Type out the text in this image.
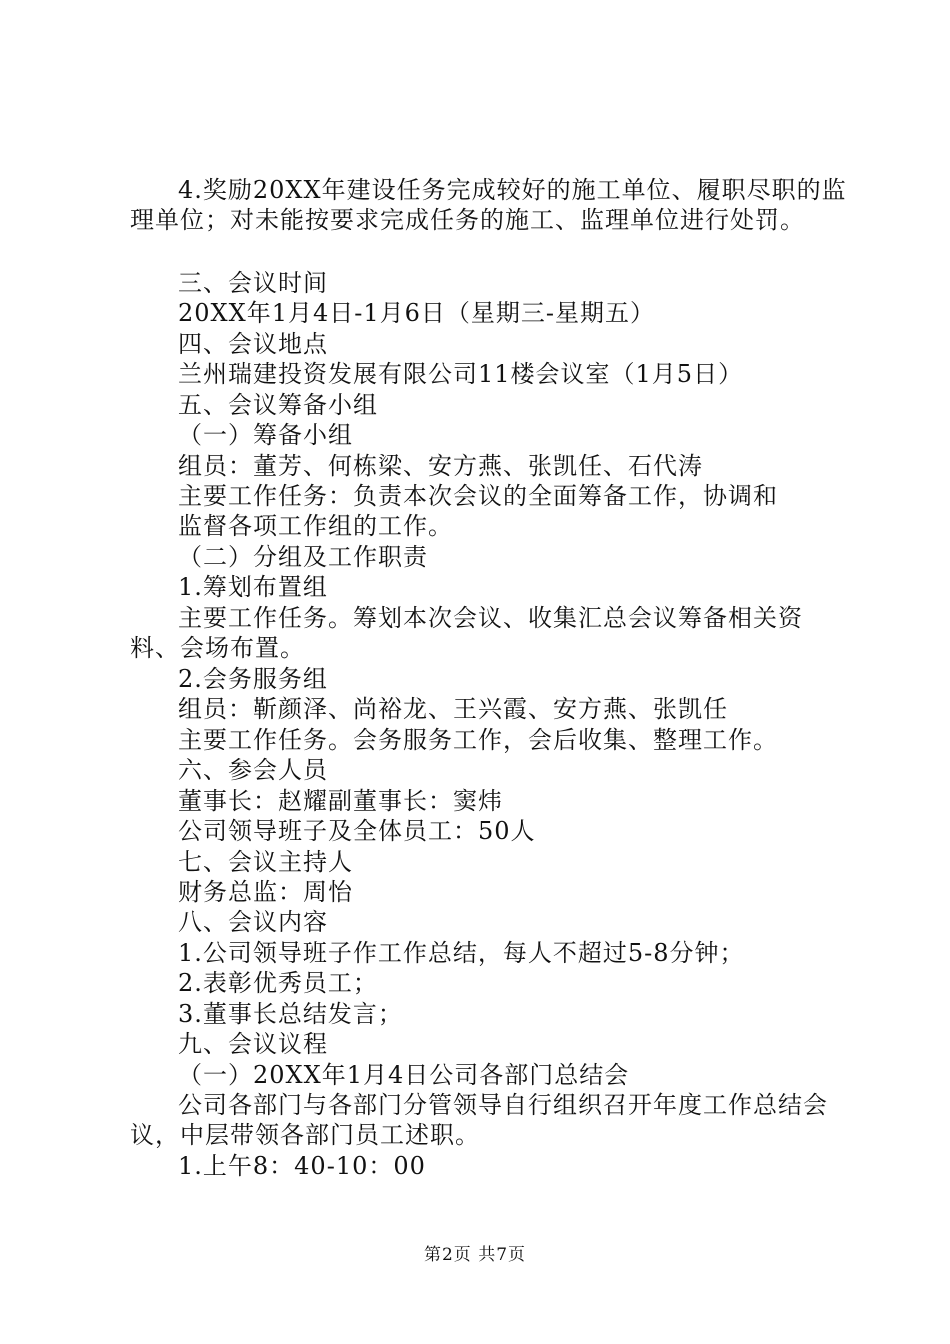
4.奖励20XX年建设任务完成较好的施工单位、履职尽职的监理单位；对未能按要求完成任务的施工、监理单位进行处罚。
三、会议时间
20XX年1月4日-1月6日（星期三-星期五）
四、会议地点
兰州瑞建投资发展有限公司11楼会议室（1月5日）
五、会议筹备小组
（一）筹备小组
组员：董芳、何栋梁、安方燕、张凯任、石代涛
主要工作任务：负责本次会议的全面筹备工作，协调和
监督各项工作组的工作。
（二）分组及工作职责
1.筹划布置组
主要工作任务。筹划本次会议、收集汇总会议筹备相关资料、会场布置。
2.会务服务组
组员：靳颜泽、尚裕龙、王兴霞、安方燕、张凯任
主要工作任务。会务服务工作，会后收集、整理工作。
六、参会人员
董事长：赵耀副董事长：窦炜
公司领导班子及全体员工：50人
七、会议主持人
财务总监：周怡
八、会议内容
1.公司领导班子作工作总结，每人不超过5-8分钟；
2.表彰优秀员工；
3.董事长总结发言；
九、会议议程
（一）20XX年1月4日公司各部门总结会
公司各部门与各部门分管领导自行组织召开年度工作总结会议，中层带领各部门员工述职。
1.上午8：40-10：00
第2页 共7页
